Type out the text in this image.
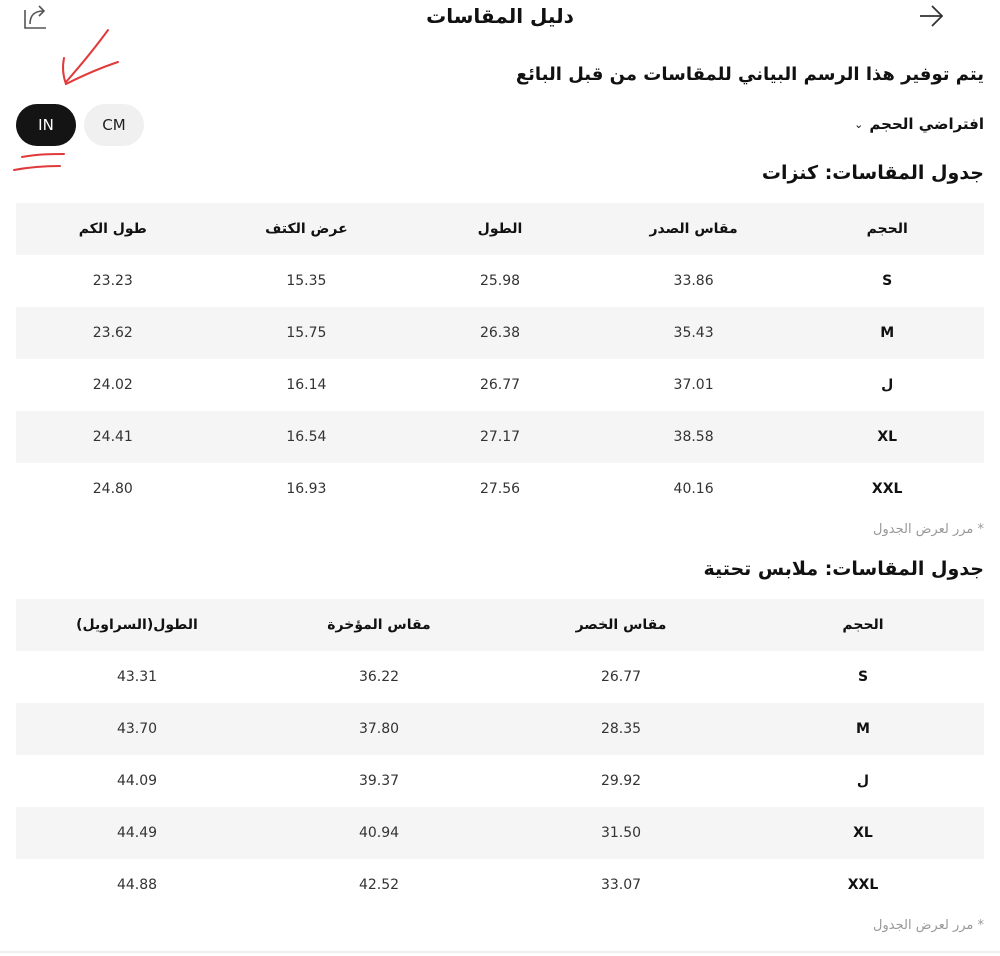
دليل المقاسات
يتم توفير هذا الرسم البياني للمقاسات من قبل البائع
IN	CM	افتراضي الحجم
⌄
جدول المقاسات: كنزات
طول الكم	عرض الكتف	الطول	مقاس الصدر	الحجم
23.23	15.35	25.98	33.86	S
23.62	15.75	26.38	35.43	M
24.02	16.14	26.77	37.01	ل
24.41	16.54	27.17	38.58	XL
24.80	16.93	27.56	40.16	XXL
* مرر لعرض الجدول
جدول المقاسات: ملابس تحتية
الطول(السراويل)	مقاس المؤخرة	مقاس الخصر	الحجم
43.31	36.22	26.77	S
43.70	37.80	28.35	M
44.09	39.37	29.92	ل
44.49	40.94	31.50	XL
44.88	42.52	33.07	XXL
* مرر لعرض الجدول
